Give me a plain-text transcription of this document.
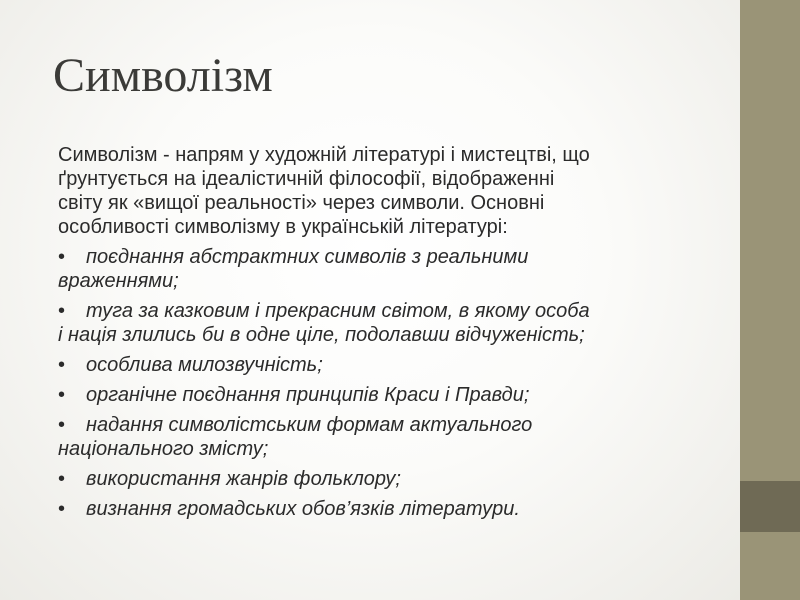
Символізм

Символізм - напрям у художній літературі і мистецтві, що
ґрунтується на ідеалістичній філософії, відображенні
світу як «вищої реальності» через символи. Основні
особливості символізму в українській літературі:

• поєднання абстрактних символів з реальними
враженнями;
• туга за казковим і прекрасним світом, в якому особа
і нація злились би в одне ціле, подолавши відчуженість;
• особлива милозвучність;
• органічне поєднання принципів Краси і Правди;
• надання символістським формам актуального
національного змісту;
• використання жанрів фольклору;
• визнання громадських обов’язків літератури.
